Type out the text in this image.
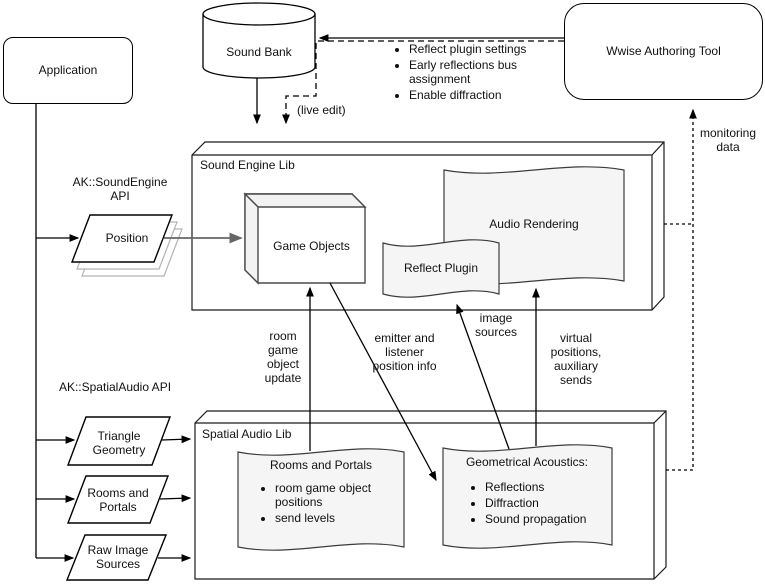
Application
Sound Bank	Wwise Authoring Tool
• Reflect plugin settings
• Early reflections bus assignment
• Enable diffraction
(live edit)
Sound Engine Lib
Game Objects
Reflect Plugin
Audio Rendering
monitoring data
AK::SoundEngine API
Position
room game object update
emitter and listener position info
image sources	virtual positions, auxiliary sends
AK::SpatialAudio API
Triangle Geometry
Rooms and Portals
Raw Image Sources
Spatial Audio Lib
Rooms and Portals
• room game object positions
• send levels
Geometrical Acoustics:
• Reflections
• Diffraction
• Sound propagation
